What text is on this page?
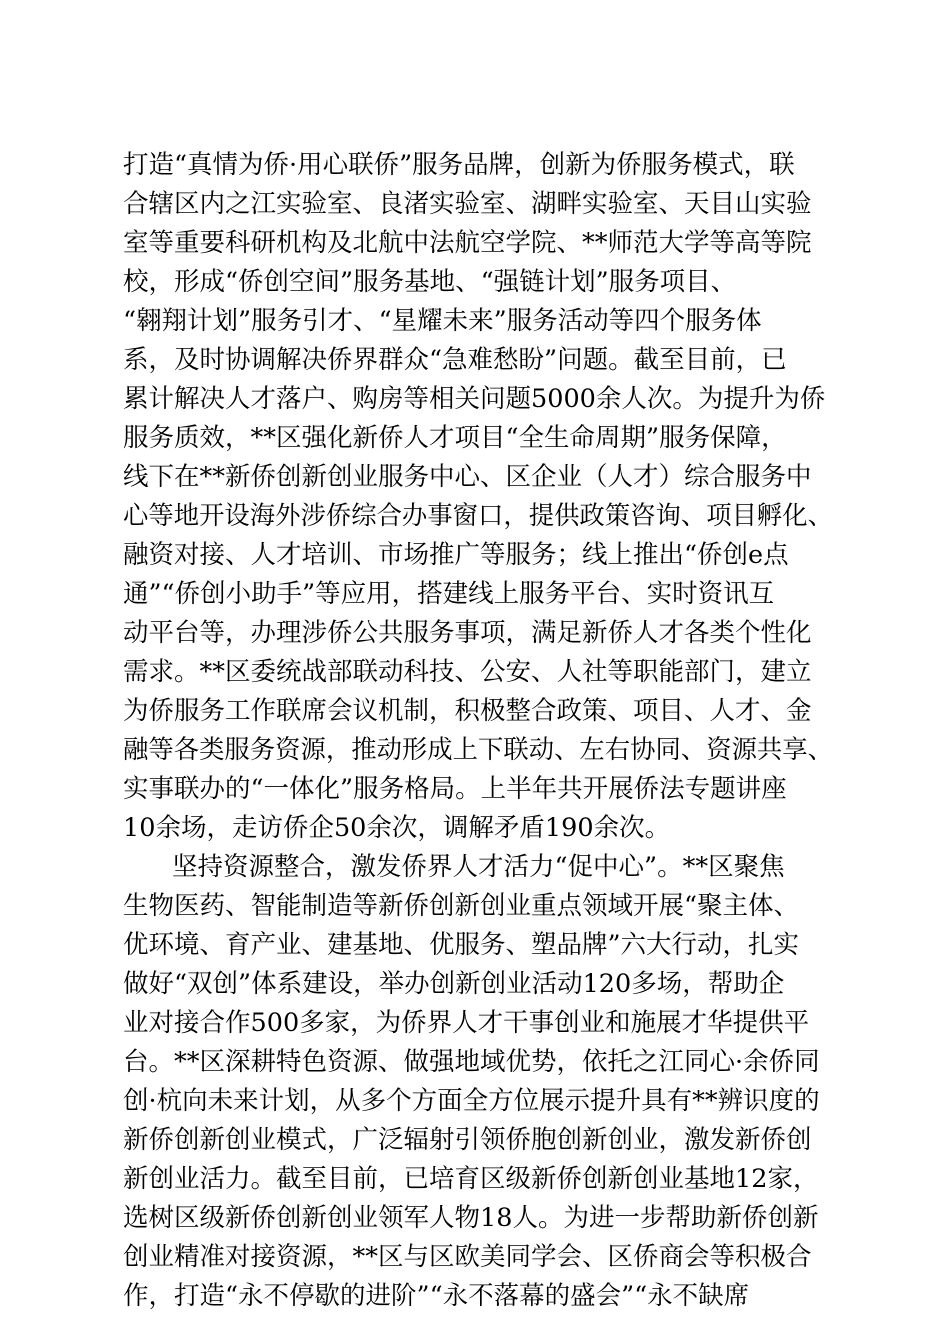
打造“真情为侨·用心联侨”服务品牌，创新为侨服务模式，联
合辖区内之江实验室、良渚实验室、湖畔实验室、天目山实验
室等重要科研机构及北航中法航空学院、**师范大学等高等院
校，形成“侨创空间”服务基地、“强链计划”服务项目、
“翱翔计划”服务引才、“星耀未来”服务活动等四个服务体
系，及时协调解决侨界群众“急难愁盼”问题。截至目前，已
累计解决人才落户、购房等相关问题5000余人次。为提升为侨
服务质效，**区强化新侨人才项目“全生命周期”服务保障，
线下在**新侨创新创业服务中心、区企业（人才）综合服务中
心等地开设海外涉侨综合办事窗口，提供政策咨询、项目孵化、
融资对接、人才培训、市场推广等服务；线上推出“侨创e点
通”“侨创小助手”等应用，搭建线上服务平台、实时资讯互
动平台等，办理涉侨公共服务事项，满足新侨人才各类个性化
需求。**区委统战部联动科技、公安、人社等职能部门，建立
为侨服务工作联席会议机制，积极整合政策、项目、人才、金
融等各类服务资源，推动形成上下联动、左右协同、资源共享、
实事联办的“一体化”服务格局。上半年共开展侨法专题讲座
10余场，走访侨企50余次，调解矛盾190余次。
坚持资源整合，激发侨界人才活力“促中心”。**区聚焦
生物医药、智能制造等新侨创新创业重点领域开展“聚主体、
优环境、育产业、建基地、优服务、塑品牌”六大行动，扎实
做好“双创”体系建设，举办创新创业活动120多场，帮助企
业对接合作500多家，为侨界人才干事创业和施展才华提供平
台。**区深耕特色资源、做强地域优势，依托之江同心·余侨同
创·杭向未来计划，从多个方面全方位展示提升具有**辨识度的
新侨创新创业模式，广泛辐射引领侨胞创新创业，激发新侨创
新创业活力。截至目前，已培育区级新侨创新创业基地12家，
选树区级新侨创新创业领军人物18人。为进一步帮助新侨创新
创业精准对接资源，**区与区欧美同学会、区侨商会等积极合
作，打造“永不停歇的进阶”“永不落幕的盛会”“永不缺席
